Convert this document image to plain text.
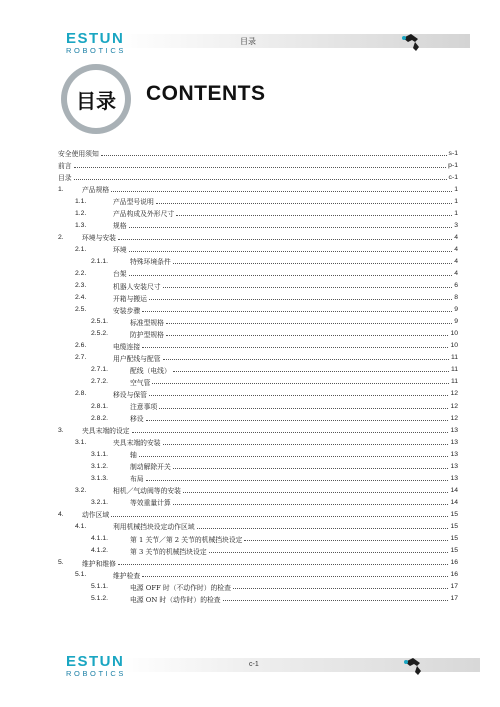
ESTUN
ROBOTICS
目录
目录	CONTENTS
安全使用须知	s-1
前言	p-1
目录	c-1
1.	产品规格	1
1.1.	产品型号说明	1
1.2.	产品构成及外形尺寸	1
1.3.	规格	3
2.	环境与安装	4
2.1.	环境	4
2.1.1.	特殊环境条件	4
2.2.	台架	4
2.3.	机器人安装尺寸	6
2.4.	开箱与搬运	8
2.5.	安装步骤	9
2.5.1.	标准型规格	9
2.5.2.	防护型规格	10
2.6.	电缆连接	10
2.7.	用户配线与配管	11
2.7.1.	配线（电线）	11
2.7.2.	空气管	11
2.8.	移设与保管	12
2.8.1.	注意事项	12
2.8.2.	移设	12
3.	夹具末端的设定	13
3.1.	夹具末端的安装	13
3.1.1.	轴	13
3.1.2.	制动解除开关	13
3.1.3.	布局	13
3.2.	相机／气动阀等的安装	14
3.2.1.	等效重量计算	14
4.	动作区域	15
4.1.	利用机械挡块设定动作区域	15
4.1.1.	第 1 关节／第 2 关节的机械挡块设定	15
4.1.2.	第 3 关节的机械挡块设定	15
5.	维护和维修	16
5.1.	维护检查	16
5.1.1.	电源 OFF 时（不动作时）的检查	17
5.1.2.	电源 ON 时（动作时）的检查	17
ESTUN
ROBOTICS
c-1
